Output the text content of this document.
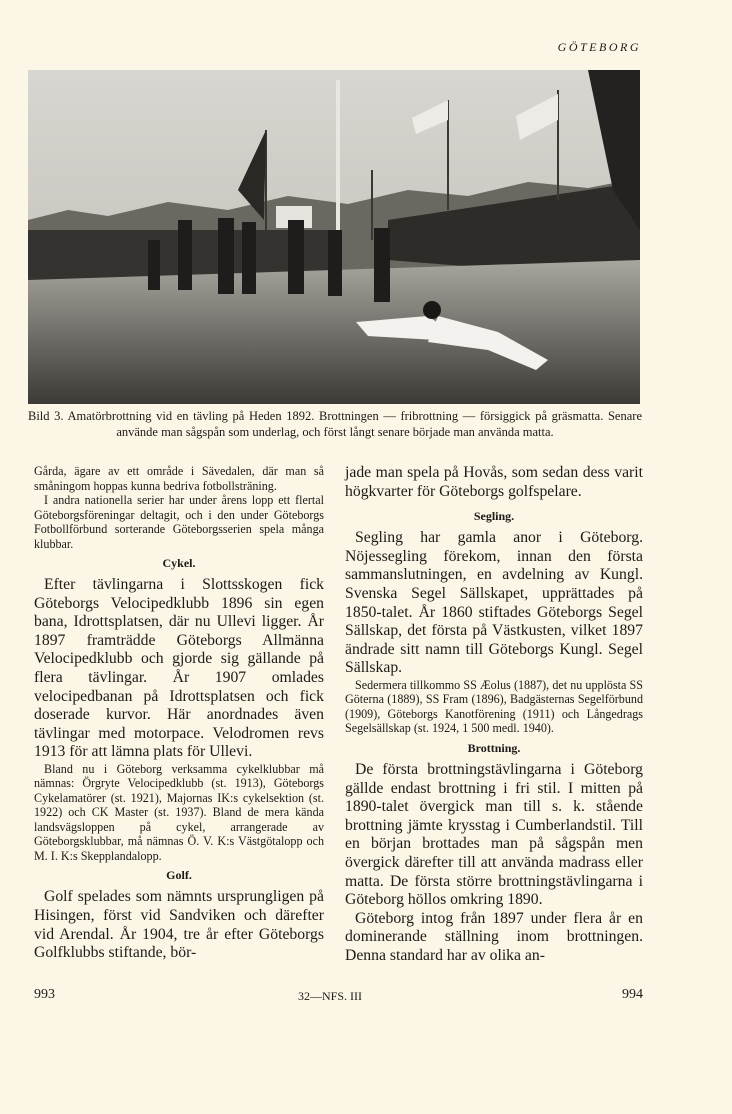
GÖTEBORG
Bild 3. Amatörbrottning vid en tävling på Heden 1892. Brottningen — fribrottning — försiggick på gräsmatta. Senare använde man sågspån som underlag, och först långt senare började man använda matta.

Gårda, ägare av ett område i Sävedalen, där man så småningom hoppas kunna bedriva fotbollsträning.

I andra nationella serier har under årens lopp ett flertal Göteborgsföreningar deltagit, och i den under Göteborgs Fotbollförbund sorterande Göteborgsserien spela många klubbar.

Cykel.

Efter tävlingarna i Slottsskogen fick Göteborgs Velocipedklubb 1896 sin egen bana, Idrottsplatsen, där nu Ullevi ligger. År 1897 framträdde Göteborgs Allmänna Velocipedklubb och gjorde sig gällande på flera tävlingar. År 1907 omlades velocipedbanan på Idrottsplatsen och fick doserade kurvor. Här anordnades även tävlingar med motorpace. Velodromen revs 1913 för att lämna plats för Ullevi.

Bland nu i Göteborg verksamma cykelklubbar må nämnas: Örgryte Velocipedklubb (st. 1913), Göteborgs Cykelamatörer (st. 1921), Majornas IK:s cykelsektion (st. 1922) och CK Master (st. 1937). Bland de mera kända landsvägsloppen på cykel, arrangerade av Göteborgsklubbar, må nämnas Ö. V. K:s Västgötalopp och M. I. K:s Skepplandalopp.

Golf.

Golf spelades som nämnts ursprungligen på Hisingen, först vid Sandviken och därefter vid Arendal. År 1904, tre år efter Göteborgs Golfklubbs stiftande, bör-

jade man spela på Hovås, som sedan dess varit högkvarter för Göteborgs golfspelare.

Segling.

Segling har gamla anor i Göteborg. Nöjessegling förekom, innan den första sammanslutningen, en avdelning av Kungl. Svenska Segel Sällskapet, upprättades på 1850-talet. År 1860 stiftades Göteborgs Segel Sällskap, det första på Västkusten, vilket 1897 ändrade sitt namn till Göteborgs Kungl. Segel Sällskap.

Sedermera tillkommo SS Æolus (1887), det nu upplösta SS Göterna (1889), SS Fram (1896), Badgästernas Segelförbund (1909), Göteborgs Kanotförening (1911) och Långedrags Segelsällskap (st. 1924, 1 500 medl. 1940).

Brottning.

De första brottningstävlingarna i Göteborg gällde endast brottning i fri stil. I mitten på 1890-talet övergick man till s. k. stående brottning jämte krysstag i Cumberlandstil. Till en början brottades man på sågspån men övergick därefter till att använda madrass eller matta. De första större brottningstävlingarna i Göteborg höllos omkring 1890.

Göteborg intog från 1897 under flera år en dominerande ställning inom brottningen. Denna standard har av olika an-

993	32—NFS. III	994
